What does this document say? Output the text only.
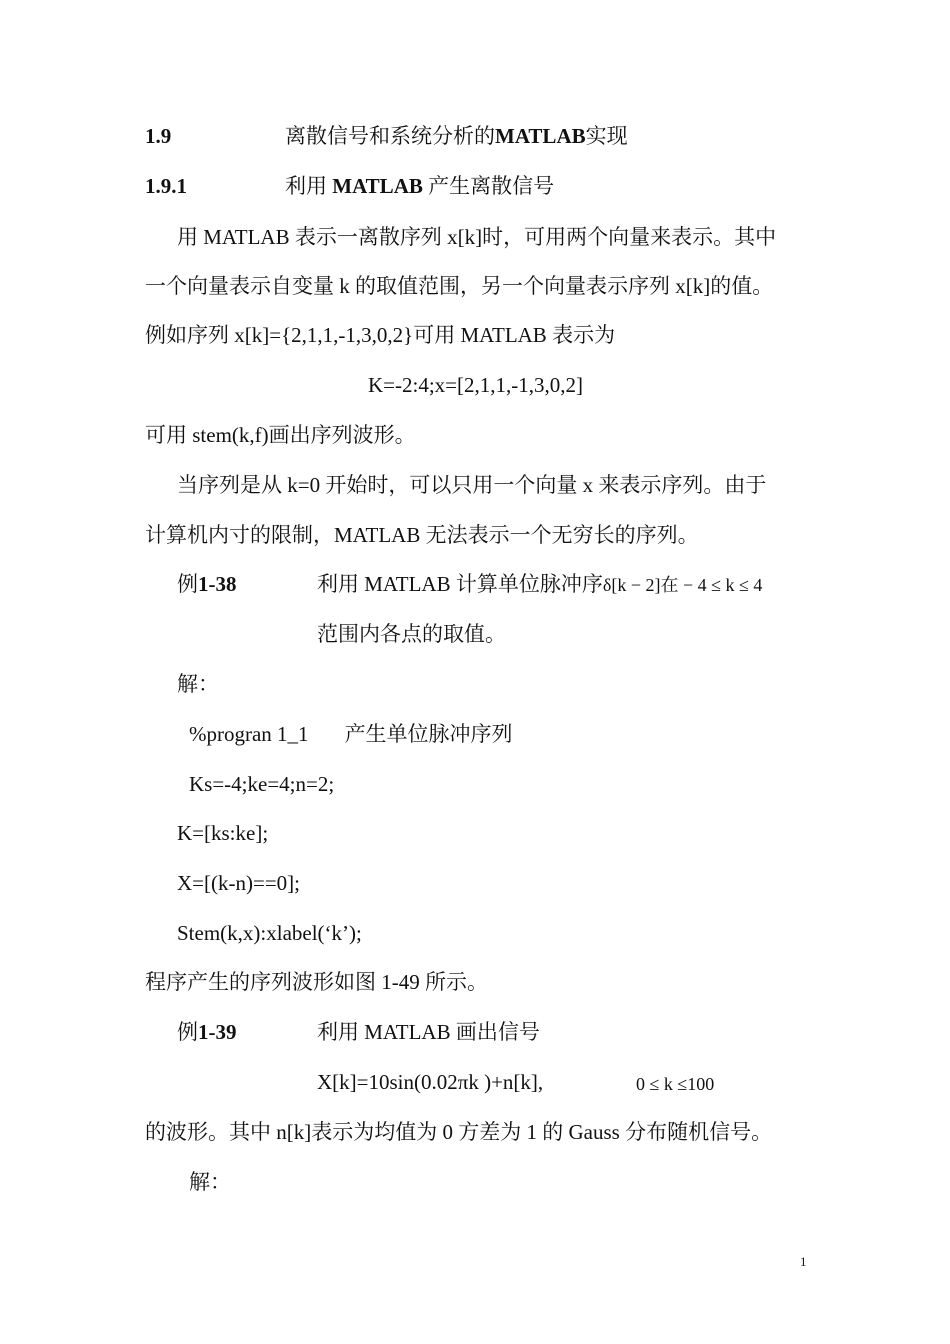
1.9	离散信号和系统分析的MATLAB实现
1.9.1	利用 MATLAB 产生离散信号
用 MATLAB 表示一离散序列 x[k]时，可用两个向量来表示。其中
一个向量表示自变量 k 的取值范围，另一个向量表示序列 x[k]的值。
例如序列 x[k]={2,1,1,-1,3,0,2}可用 MATLAB 表示为
K=-2:4;x=[2,1,1,-1,3,0,2]
可用 stem(k,f)画出序列波形。
当序列是从 k=0 开始时，可以只用一个向量 x 来表示序列。由于
计算机内寸的限制，MATLAB 无法表示一个无穷长的序列。
例1-38	利用 MATLAB 计算单位脉冲序δ[k − 2]在 − 4 ≤ k ≤ 4
范围内各点的取值。
解：
%progran 1_1 产生单位脉冲序列
Ks=-4;ke=4;n=2;
K=[ks:ke];
X=[(k-n)==0];
Stem(k,x):xlabel(‘k’);
程序产生的序列波形如图 1-49 所示。
例1-39	利用 MATLAB 画出信号
X[k]=10sin(0.02πk )+n[k],	0 ≤ k ≤100
的波形。其中 n[k]表示为均值为 0 方差为 1 的 Gauss 分布随机信号。
解：
1
